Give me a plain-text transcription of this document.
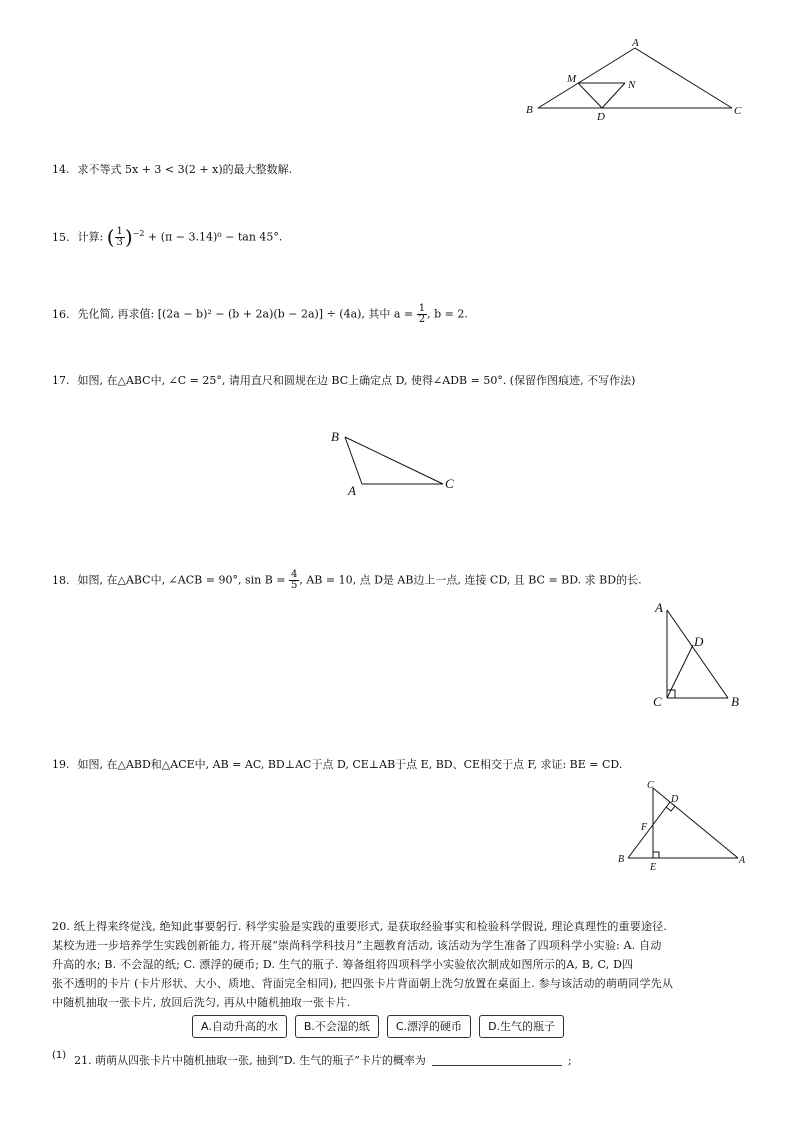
A
B	C
M	N
D
14. 求不等式 5x + 3 < 3(2 + x)的最大整数解.
15. 计算: ( $\frac{1}{3} )^{-2} + (\pi - 3.14)^0 - \tan 45^\circ$.
16. 先化简, 再求值: [(2a − b)² − (b + 2a)(b − 2a)] ÷ (4a), 其中 $a = \frac{1}{2}$ , b = 2.
17. 如图, 在△ABC中, ∠C = 25°, 请用直尺和圆规在边 BC上确定点 D, 使得∠ADB = 50°. (保留作图痕迹, 不写作法)
B
A	C
18. 如图, 在△ABC中, ∠ACB = 90°, $\sin B = \frac{4}{5}$ , AB = 10, 点 D是 AB边上一点, 连接 CD, 且 BC = BD. 求 BD的长.
A
D
C	B
19. 如图, 在△ABD和△ACE中, AB = AC, BD⊥AC于点 D, CE⊥AB于点 E, BD、CE相交于点 F, 求证: BE = CD.
C
D
F
B
E
A
20. 纸上得来终觉浅, 绝知此事要躬行. 科学实验是实践的重要形式, 是获取经验事实和检验科学假说, 理论真理性的重要途径.
某校为进一步培养学生实践创新能力, 将开展“崇尚科学科技月”主题教育活动, 该活动为学生准备了四项科学小实验: A. 自动
升高的水; B. 不会湿的纸; C. 漂浮的硬币; D. 生气的瓶子. 筹备组将四项科学小实验依次制成如图所示的A, B, C, D四
张不透明的卡片 (卡片形状、大小、质地、背面完全相同), 把四张卡片背面朝上洗匀放置在桌面上. 参与该活动的萌萌同学先从
中随机抽取一张卡片, 放回后洗匀, 再从中随机抽取一张卡片.
A.自动升高的水	B.不会湿的纸	C.漂浮的硬币	D.生气的瓶子
(1) 21. 萌萌从四张卡片中随机抽取一张, 抽到“D. 生气的瓶子”卡片的概率为	;
